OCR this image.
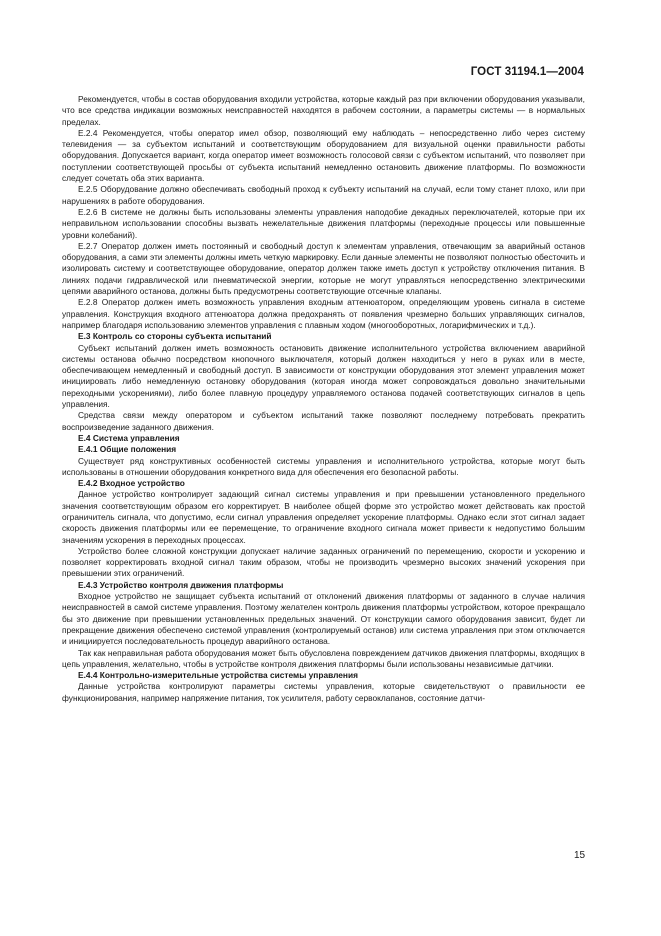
ГОСТ 31194.1—2004

Рекомендуется, чтобы в состав оборудования входили устройства, которые каждый раз при включении оборудования указывали, что все средства индикации возможных неисправностей находятся в рабочем состоянии, а параметры системы — в нормальных пределах.

Е.2.4 Рекомендуется, чтобы оператор имел обзор, позволяющий ему наблюдать – непосредственно либо через систему телевидения — за субъектом испытаний и соответствующим оборудованием для визуальной оценки правильности работы оборудования. Допускается вариант, когда оператор имеет возможность голосовой связи с субъектом испытаний, что позволяет при поступлении соответствующей просьбы от субъекта испытаний немедленно остановить движение платформы. По возможности следует сочетать оба этих варианта.

Е.2.5 Оборудование должно обеспечивать свободный проход к субъекту испытаний на случай, если тому станет плохо, или при нарушениях в работе оборудования.

Е.2.6 В системе не должны быть использованы элементы управления наподобие декадных переключателей, которые при их неправильном использовании способны вызвать нежелательные движения платформы (переходные процессы или повышенные уровни колебаний).

Е.2.7 Оператор должен иметь постоянный и свободный доступ к элементам управления, отвечающим за аварийный останов оборудования, а сами эти элементы должны иметь четкую маркировку. Если данные элементы не позволяют полностью обесточить и изолировать систему и соответствующее оборудование, оператор должен также иметь доступ к устройству отключения питания. В линиях подачи гидравлической или пневматической энергии, которые не могут управляться непосредственно электрическими цепями аварийного останова, должны быть предусмотрены соответствующие отсечные клапаны.

Е.2.8 Оператор должен иметь возможность управления входным аттенюатором, определяющим уровень сигнала в системе управления. Конструкция входного аттенюатора должна предохранять от появления чрезмерно больших управляющих сигналов, например благодаря использованию элементов управления с плавным ходом (многооборотных, логарифмических и т.д.).

Е.3 Контроль со стороны субъекта испытаний

Субъект испытаний должен иметь возможность остановить движение исполнительного устройства включением аварийной системы останова обычно посредством кнопочного выключателя, который должен находиться у него в руках или в месте, обеспечивающем немедленный и свободный доступ. В зависимости от конструкции оборудования этот элемент управления может инициировать либо немедленную остановку оборудования (которая иногда может сопровождаться довольно значительными переходными ускорениями), либо более плавную процедуру управляемого останова подачей соответствующих сигналов в цепь управления.

Средства связи между оператором и субъектом испытаний также позволяют последнему потребовать прекратить воспроизведение заданного движения.

Е.4 Система управления
Е.4.1 Общие положения

Существует ряд конструктивных особенностей системы управления и исполнительного устройства, которые могут быть использованы в отношении оборудования конкретного вида для обеспечения его безопасной работы.

Е.4.2 Входное устройство

Данное устройство контролирует задающий сигнал системы управления и при превышении установленного предельного значения соответствующим образом его корректирует. В наиболее общей форме это устройство может действовать как простой ограничитель сигнала, что допустимо, если сигнал управления определяет ускорение платформы. Однако если этот сигнал задает скорость движения платформы или ее перемещение, то ограничение входного сигнала может привести к недопустимо большим значениям ускорения в переходных процессах.

Устройство более сложной конструкции допускает наличие заданных ограничений по перемещению, скорости и ускорению и позволяет корректировать входной сигнал таким образом, чтобы не производить чрезмерно высоких значений ускорения при превышении этих ограничений.

Е.4.3 Устройство контроля движения платформы

Входное устройство не защищает субъекта испытаний от отклонений движения платформы от заданного в случае наличия неисправностей в самой системе управления. Поэтому желателен контроль движения платформы устройством, которое прекращало бы это движение при превышении установленных предельных значений. От конструкции самого оборудования зависит, будет ли прекращение движения обеспечено системой управления (контролируемый останов) или система управления при этом отключается и инициируется последовательность процедур аварийного останова.

Так как неправильная работа оборудования может быть обусловлена повреждением датчиков движения платформы, входящих в цепь управления, желательно, чтобы в устройстве контроля движения платформы были использованы независимые датчики.

Е.4.4 Контрольно-измерительные устройства системы управления

Данные устройства контролируют параметры системы управления, которые свидетельствуют о правильности ее функционирования, например напряжение питания, ток усилителя, работу сервоклапанов, состояние датчи-

15
